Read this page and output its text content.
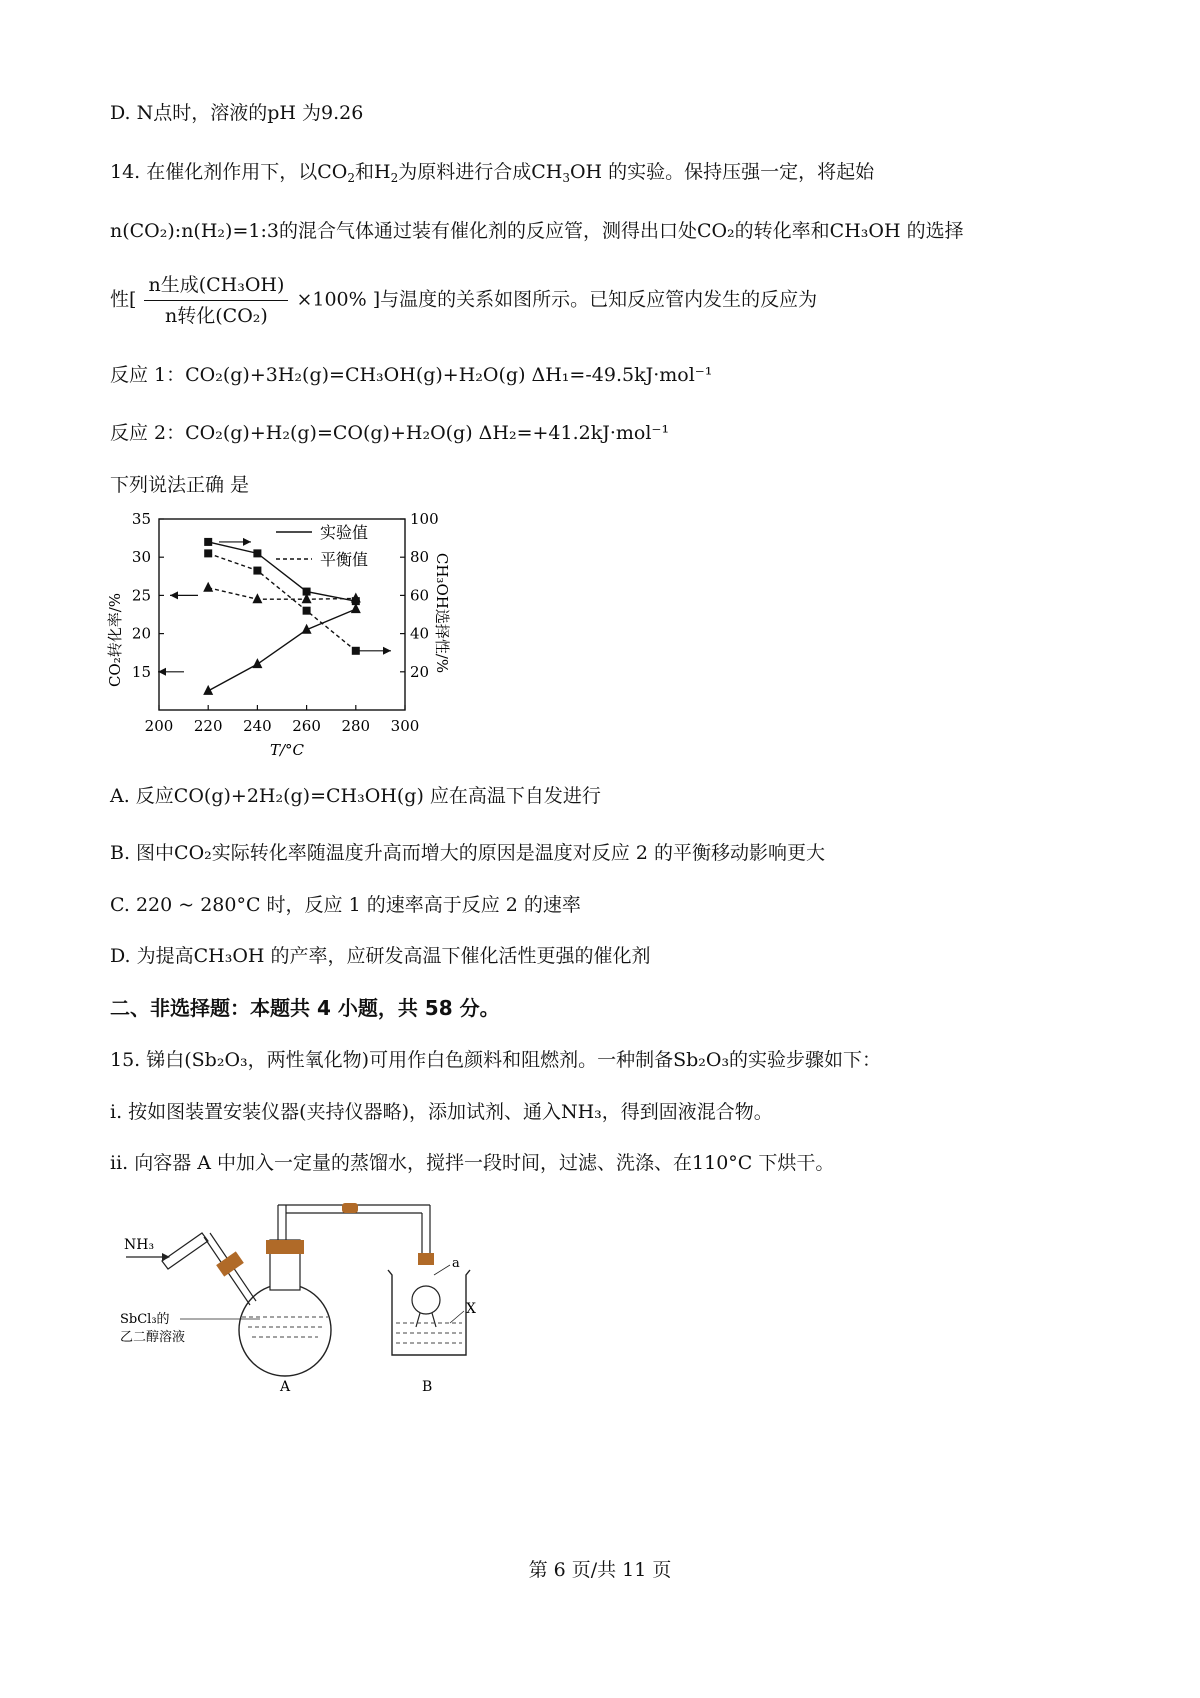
D. N点时，溶液的pH 为9.26
14. 在催化剂作用下，以$CO_2$和$H_2$为原料进行合成$CH_3OH$ 的实验。保持压强一定，将起始
n(CO₂):n(H₂)=1:3的混合气体通过装有催化剂的反应管，测得出口处CO₂的转化率和CH₃OH 的选择
性[ $\frac{\text{n生成(CH₃OH)}}{\text{n转化(CO₂)}} \times 100\%$ ]与温度的关系如图所示。已知反应管内发生的反应为
反应 1：CO₂(g)+3H₂(g)=CH₃OH(g)+H₂O(g) ΔH₁=-49.5kJ·mol⁻¹
反应 2：CO₂(g)+H₂(g)=CO(g)+H₂O(g) ΔH₂=+41.2kJ·mol⁻¹
下列说法正确 是
200 220 240 260 280 300
15
20
25
30
35
20
40
60
80
100
实验值
平衡值
CO₂转化率/%	CH₃OH选择性/%
T/°C
A. 反应CO(g)+2H₂(g)=CH₃OH(g) 应在高温下自发进行
B. 图中CO₂实际转化率随温度升高而增大的原因是温度对反应 2 的平衡移动影响更大
C. 220 ~ 280°C 时，反应 1 的速率高于反应 2 的速率
D. 为提高CH₃OH 的产率，应研发高温下催化活性更强的催化剂
二、非选择题：本题共 4 小题，共 58 分。
15. 锑白(Sb₂O₃，两性氧化物)可用作白色颜料和阻燃剂。一种制备Sb₂O₃的实验步骤如下：
ⅰ. 按如图装置安装仪器(夹持仪器略)，添加试剂、通入NH₃，得到固液混合物。
ⅱ. 向容器 A 中加入一定量的蒸馏水，搅拌一段时间，过滤、洗涤、在110°C 下烘干。
NH₃
SbCl₃的
乙二醇溶液
A
a
X
B
第 6 页/共 11 页
